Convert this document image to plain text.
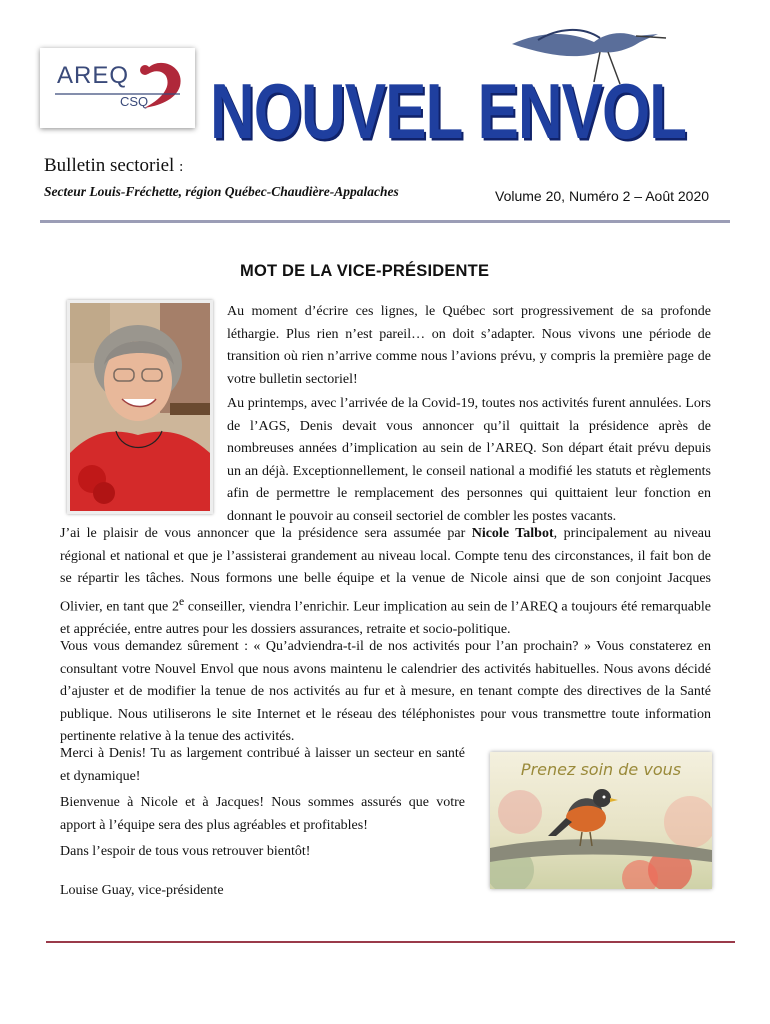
AREQ
CSQ NOUVEL ENVOL
Bulletin sectoriel :
Secteur Louis-Fréchette, région Québec-Chaudière-Appalaches	Volume 20, Numéro 2 – Août 2020
MOT DE LA VICE-PRÉSIDENTE
Au moment d’écrire ces lignes, le Québec sort progressivement de sa profonde léthargie. Plus rien n’est pareil… on doit s’adapter. Nous vivons une période de transition où rien n’arrive comme nous l’avions prévu, y compris la première page de votre bulletin sectoriel!
Au printemps, avec l’arrivée de la Covid-19, toutes nos activités furent annulées. Lors de l’AGS, Denis devait vous annoncer qu’il quittait la présidence après de nombreuses années d’implication au sein de l’AREQ. Son départ était prévu depuis un an déjà. Exceptionnellement, le conseil national a modifié les statuts et règlements afin de permettre le remplacement des personnes qui quittaient leur fonction en donnant le pouvoir au conseil sectoriel de combler les postes vacants.
J’ai le plaisir de vous annoncer que la présidence sera assumée par Nicole Talbot, principalement au niveau régional et national et que je l’assisterai grandement au niveau local. Compte tenu des circonstances, il fait bon de se répartir les tâches. Nous formons une belle équipe et la venue de Nicole ainsi que de son conjoint Jacques Olivier, en tant que 2e conseiller, viendra l’enrichir. Leur implication au sein de l’AREQ a toujours été remarquable et appréciée, entre autres pour les dossiers assurances, retraite et socio-politique.
Vous vous demandez sûrement : « Qu’adviendra-t-il de nos activités pour l’an prochain? » Vous constaterez en consultant votre Nouvel Envol que nous avons maintenu le calendrier des activités habituelles. Nous avons décidé d’ajuster et de modifier la tenue de nos activités au fur et à mesure, en tenant compte des directives de la Santé publique. Nous utiliserons le site Internet et le réseau des téléphonistes pour vous transmettre toute information pertinente relative à la tenue des activités.
Merci à Denis! Tu as largement contribué à laisser un secteur en santé et dynamique!
Bienvenue à Nicole et à Jacques! Nous sommes assurés que votre apport à l’équipe sera des plus agréables et profitables!
Dans l’espoir de tous vous retrouver bientôt!
Louise Guay, vice-présidente
Prenez soin de vous
